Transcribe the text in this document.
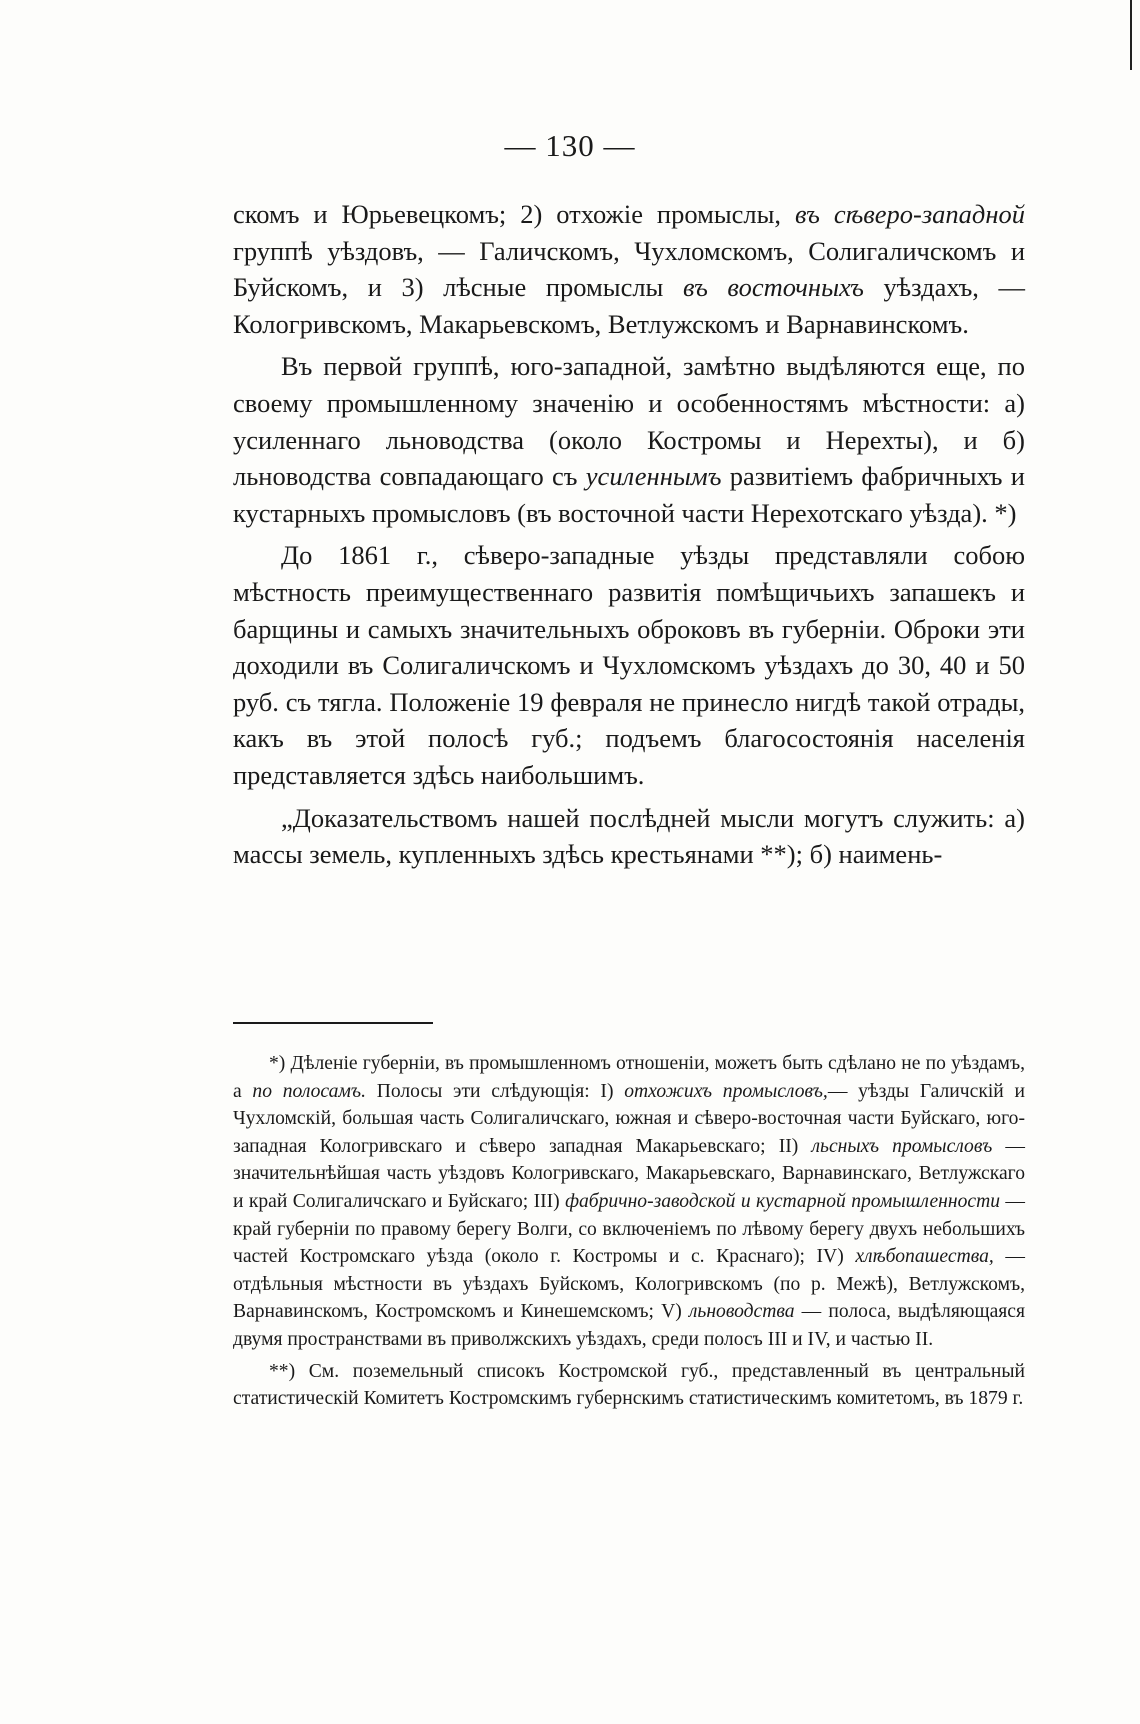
— 130 —

скомъ и Юрьевецкомъ; 2) отхожіе промыслы, въ сѣверо-западной группѣ уѣздовъ, — Галичскомъ, Чухломскомъ, Солигаличскомъ и Буйскомъ, и 3) лѣсные промыслы въ восточныхъ уѣздахъ, — Кологривскомъ, Макарьевскомъ, Ветлужскомъ и Варнавинскомъ.

Въ первой группѣ, юго-западной, замѣтно выдѣляются еще, по своему промышленному значенію и особенностямъ мѣстности: а) усиленнаго льноводства (около Костромы и Нерехты), и б) льноводства совпадающаго съ усиленнымъ развитіемъ фабричныхъ и кустарныхъ промысловъ (въ восточной части Нерехотскаго уѣзда). *)

До 1861 г., сѣверо-западные уѣзды представляли собою мѣстность преимущественнаго развитія помѣщичьихъ запашекъ и барщины и самыхъ значительныхъ оброковъ въ губерніи. Оброки эти доходили въ Солигаличскомъ и Чухломскомъ уѣздахъ до 30, 40 и 50 руб. съ тягла. Положеніе 19 февраля не принесло нигдѣ такой отрады, какъ въ этой полосѣ губ.; подъемъ благосостоянія населенія представляется здѣсь наибольшимъ.

„Доказательствомъ нашей послѣдней мысли могутъ служить: а) массы земель, купленныхъ здѣсь крестьянами **); б) наимень-

*) Дѣленіе губерніи, въ промышленномъ отношеніи, можетъ быть сдѣлано не по уѣздамъ, а по полосамъ. Полосы эти слѣдующія: I) отхожихъ промысловъ,— уѣзды Галичскій и Чухломскій, большая часть Солигаличскаго, южная и сѣверо-восточная части Буйскаго, юго-западная Кологривскаго и сѣверо западная Макарьевскаго; II) льсныхъ промысловъ — значительнѣйшая часть уѣздовъ Кологривскаго, Макарьевскаго, Варнавинскаго, Ветлужскаго и край Солигаличскаго и Буйскаго; III) фабрично-заводской и кустарной промышленности — край губерніи по правому берегу Волги, со включеніемъ по лѣвому берегу двухъ небольшихъ частей Костромскаго уѣзда (около г. Костромы и с. Краснаго); IV) хлѣбопашества, — отдѣльныя мѣстности въ уѣздахъ Буйскомъ, Кологривскомъ (по р. Межѣ), Ветлужскомъ, Варнавинскомъ, Костромскомъ и Кинешемскомъ; V) льноводства — полоса, выдѣляющаяся двумя пространствами въ приволжскихъ уѣздахъ, среди полосъ III и IV, и частью II.

**) См. поземельный списокъ Костромской губ., представленный въ центральный статистическій Комитетъ Костромскимъ губернскимъ статистическимъ комитетомъ, въ 1879 г.
